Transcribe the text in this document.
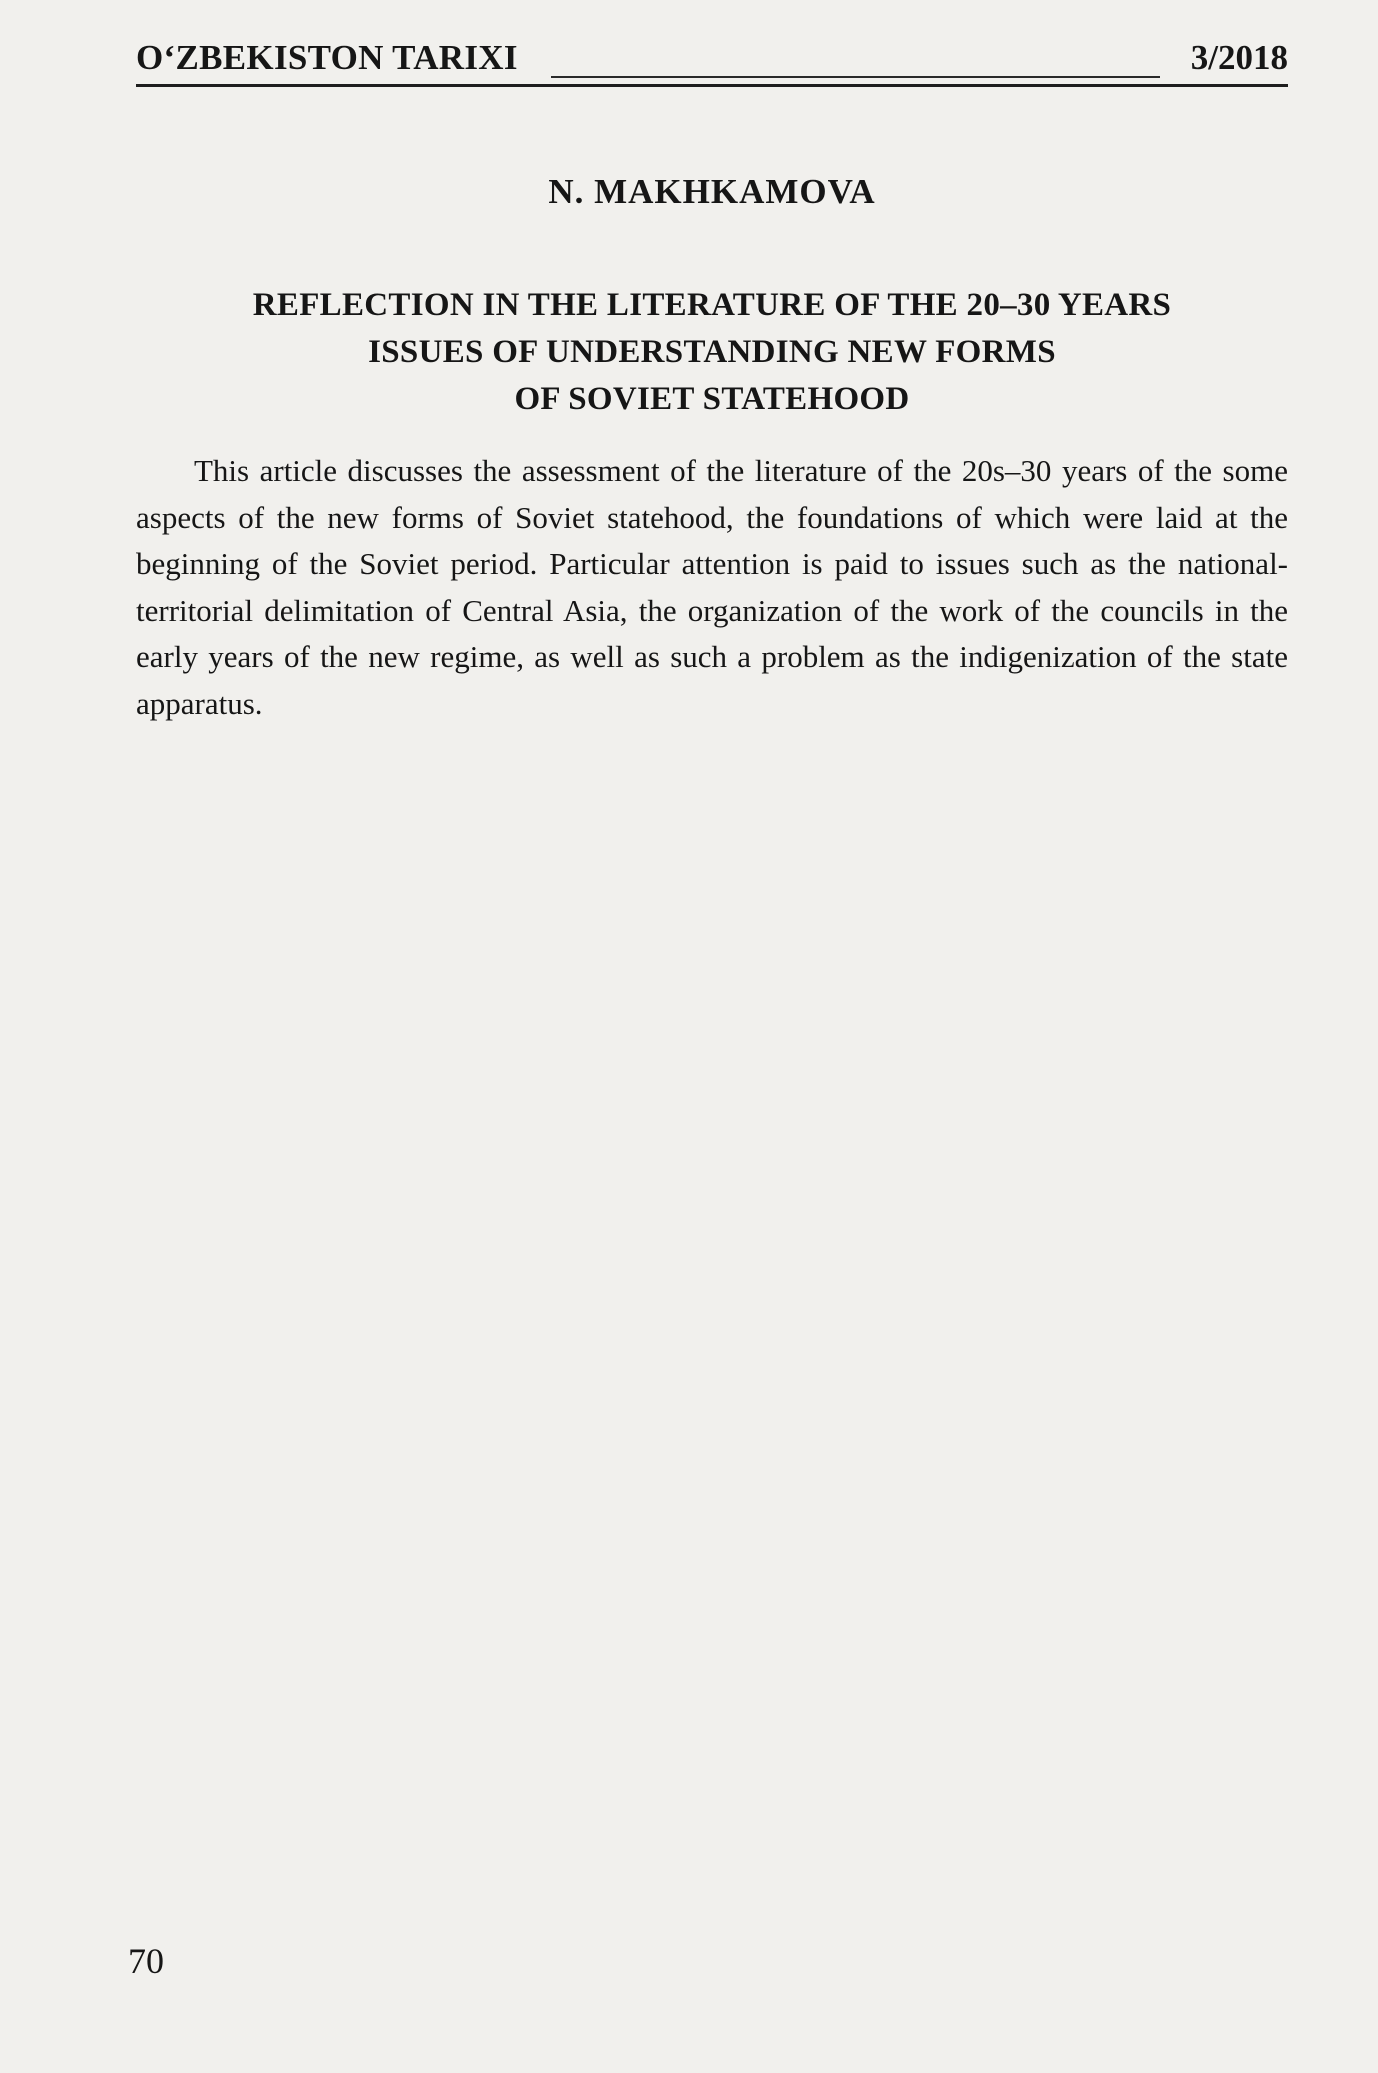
O‘ZBEKISTON TARIXI	3/2018
N. MAKHKAMOVA
REFLECTION IN THE LITERATURE OF THE 20–30 YEARS
ISSUES OF UNDERSTANDING NEW FORMS
OF SOVIET STATEHOOD

This article discusses the assessment of the literature of the 20s–30 years of the some aspects of the new forms of Soviet statehood, the foundations of which were laid at the beginning of the Soviet period. Particular attention is paid to issues such as the national-territorial delimitation of Central Asia, the organization of the work of the councils in the early years of the new regime, as well as such a problem as the indigenization of the state apparatus.

70
